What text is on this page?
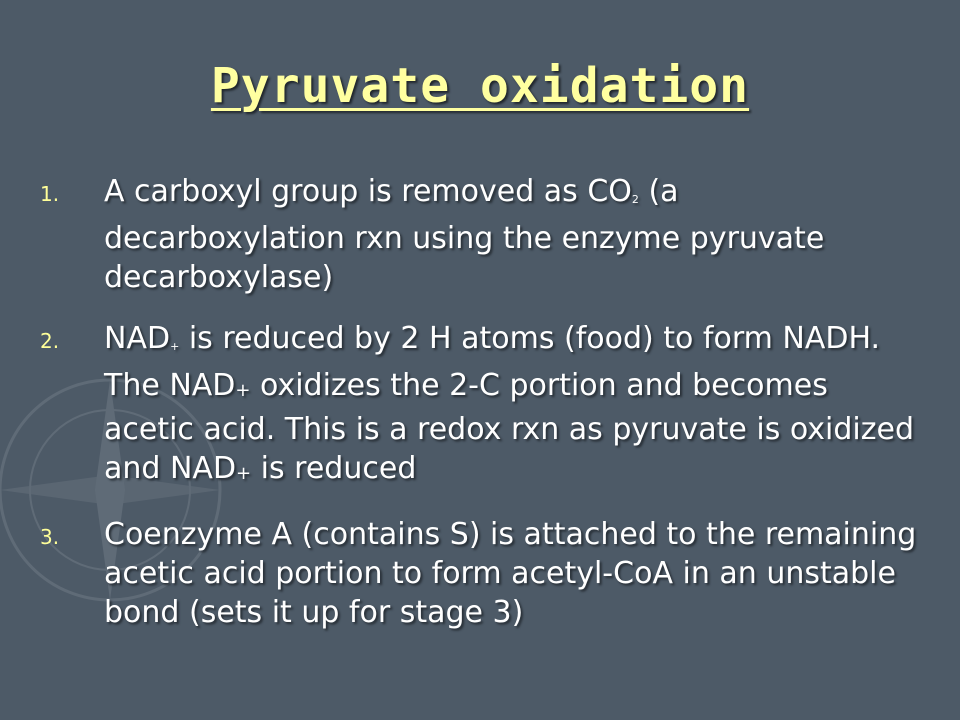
Pyruvate oxidation
1. A carboxyl group is removed as CO2 (a decarboxylation rxn using the enzyme pyruvate decarboxylase)
2. NAD+ is reduced by 2 H atoms (food) to form NADH. The NAD+ oxidizes the 2-C portion and becomes acetic acid. This is a redox rxn as pyruvate is oxidized and NAD+ is reduced
3. Coenzyme A (contains S) is attached to the remaining acetic acid portion to form acetyl-CoA in an unstable bond (sets it up for stage 3)
